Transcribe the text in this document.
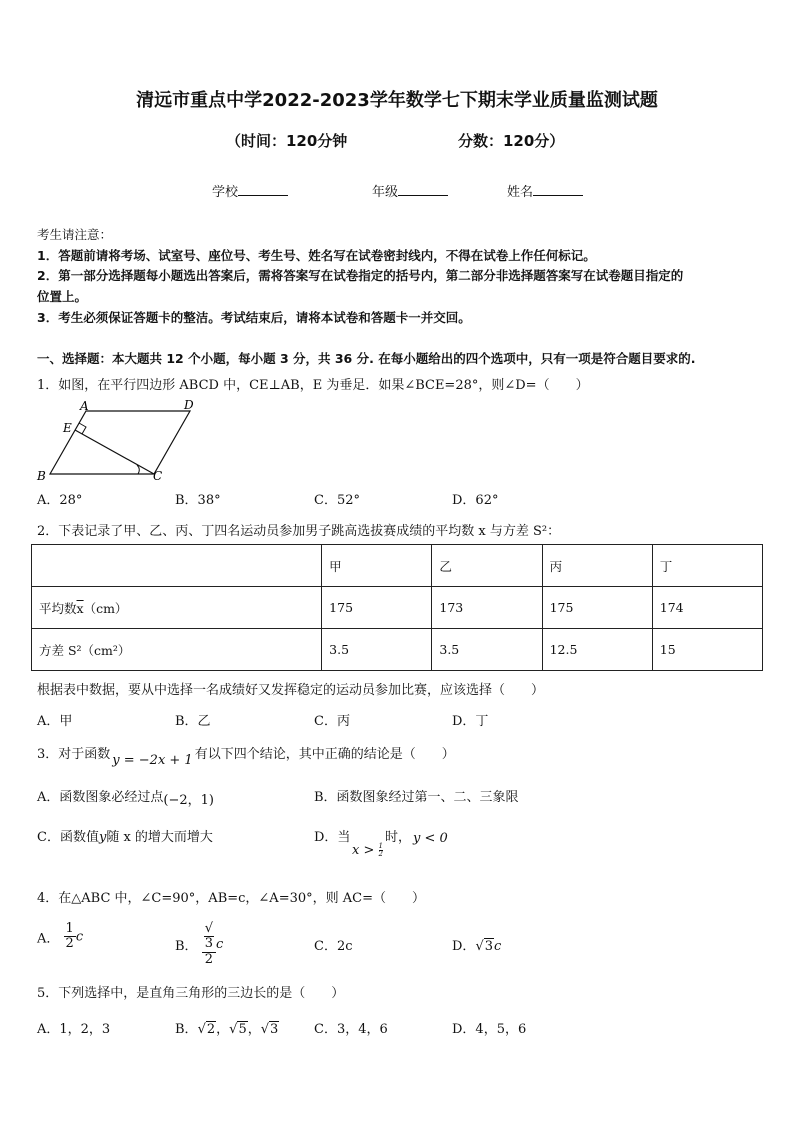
清远市重点中学2022-2023学年数学七下期末学业质量监测试题
（时间：120分钟	分数：120分）
学校	年级	姓名
考生请注意：
1．答题前请将考场、试室号、座位号、考生号、姓名写在试卷密封线内，不得在试卷上作任何标记。
2．第一部分选择题每小题选出答案后，需将答案写在试卷指定的括号内，第二部分非选择题答案写在试卷题目指定的
位置上。
3．考生必须保证答题卡的整洁。考试结束后，请将本试卷和答题卡一并交回。
一、选择题：本大题共 12 个小题，每小题 3 分，共 36 分. 在每小题给出的四个选项中，只有一项是符合题目要求的.
1．如图，在平行四边形 ABCD 中，CE⊥AB，E 为垂足．如果∠BCE=28°，则∠D=（　　）
A	D
E
B	C
A．28°	B．38°	C．52°	D．62°
2．下表记录了甲、乙、丙、丁四名运动员参加男子跳高选拔赛成绩的平均数 x 与方差 S²：
	甲	乙	丙	丁
平均数$\overline{x}(cm)$	175	173	175	174
方差 S²（cm²）	3.5	3.5	12.5	15
根据表中数据，要从中选择一名成绩好又发挥稳定的运动员参加比赛，应该选择（　　）
A．甲	B．乙	C．丙	D．丁
3．对于函数 y = −2x + 1 有以下四个结论，其中正确的结论是（　　）
A．函数图象必经过点(−2，1)	B．函数图象经过第一、二、三象限
C．函数值y随 x 的增大而增大	D．当
$x > \frac{1}{2}$
时， y < 0
4．在△ABC 中，∠C=90°，AB=c，∠A=30°，则 AC=（　　）
A． $\frac{1}{2}$ c
B． √
3
2 c	C．2c	D．√3c
5．下列选择中，是直角三角形的三边长的是（　　）
A．1，2，3	B．√2，√5，√3	C．3，4，6	D．4，5，6
